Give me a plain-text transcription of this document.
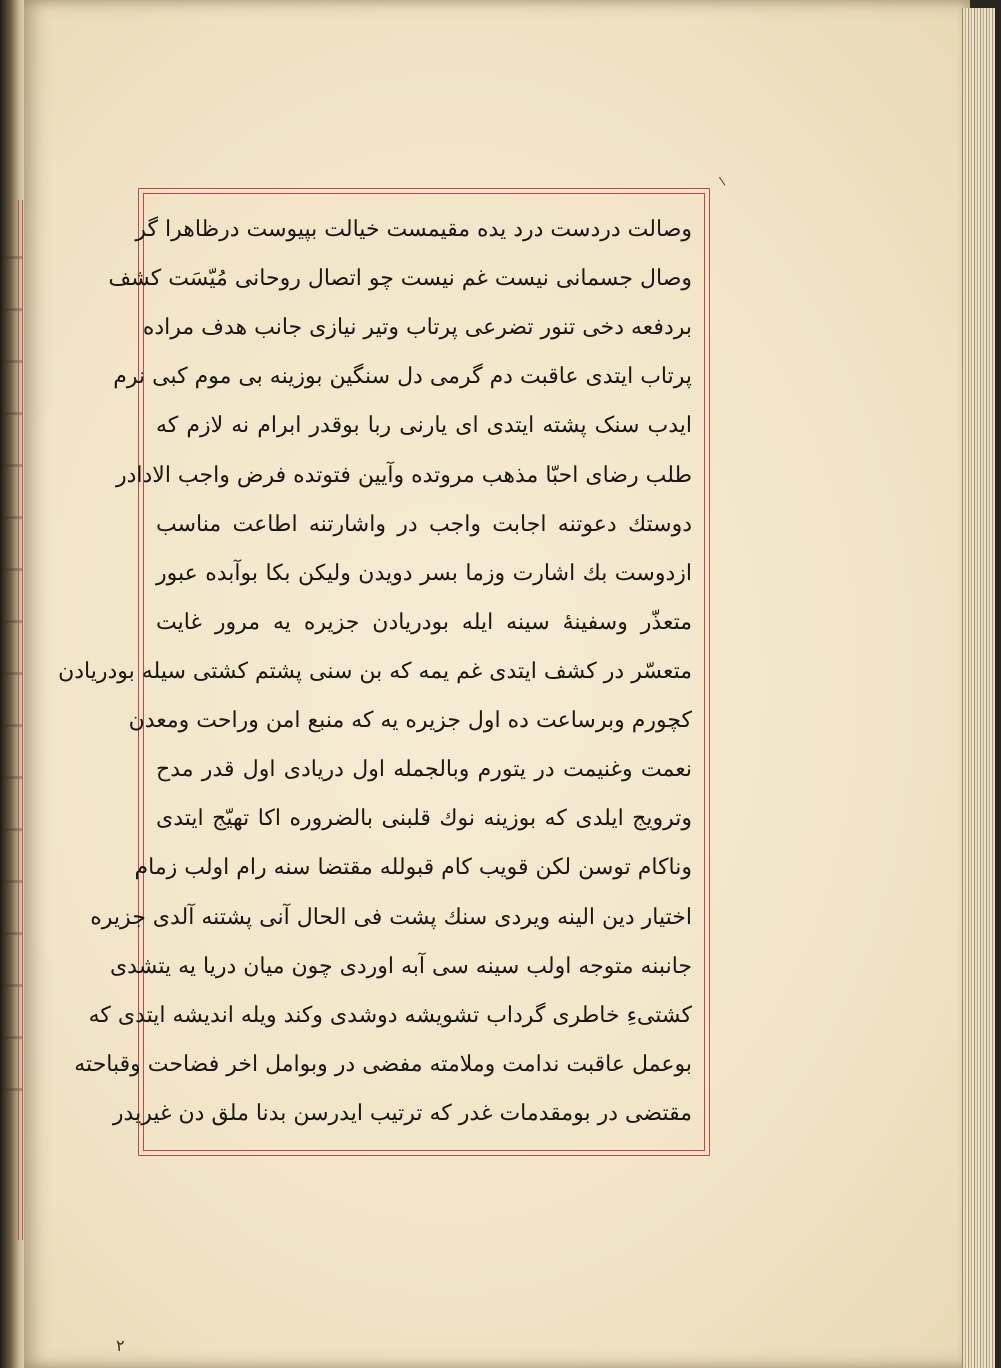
وصالت دردست درد یده مقیمست خیالت بپیوست درظاهرا گر
وصال جسمانی نیست غم نیست چو اتصال روحانی مُیّسَت کشف
بردفعه دخی تنور تضرعی پرتاب وتیر نیازی جانب هدف مراده
پرتاب ایتدی عاقبت دم گرمی دل سنگین بوزینه بی موم کبی نرم
ایدب سنک پشته ایتدی ای یارنی ربا بوقدر ابرام نه لازم که
طلب رضای احبّا مذهب مروتده وآیین فتوتده فرض واجب الادادر
دوستك دعوتنه اجابت واجب در واشارتنه اطاعت مناسب
ازدوست بك اشارت وزما بسر دویدن ولیکن بکا بوآبده عبور
متعذّر وسفینهٔ سینه ایله بودریادن جزیره یه مرور غایت
متعسّر در کشف ایتدی غم یمه که بن سنی پشتم کشتی سیله بودریادن
کچورم وبرساعت ده اول جزیره یه که منبع امن وراحت ومعدن
نعمت وغنیمت در یتورم وبالجمله اول دریادی اول قدر مدح
وترویج ایلدی که بوزینه نوك قلبنی بالضروره اکا تهیّج ایتدی
وناکام توسن لکن قویب کام قبولله مقتضا سنه رام اولب زمام
اختیار دین الینه ویردی سنك پشت فی الحال آنی پشتنه آلدی جزیره
جانبنه متوجه اولب سینه سی آبه اوردی چون میان دریا یه یتشدی
کشتیءِ خاطری گرداب تشویشه دوشدی وکند ویله اندیشه ایتدی که
بوعمل عاقبت ندامت وملامته مفضی در وبوامل اخر فضاحت وقباحته
مقتضی در بومقدمات غدر که ترتیب ایدرسن بدنا ملق دن غیریدر
٢
